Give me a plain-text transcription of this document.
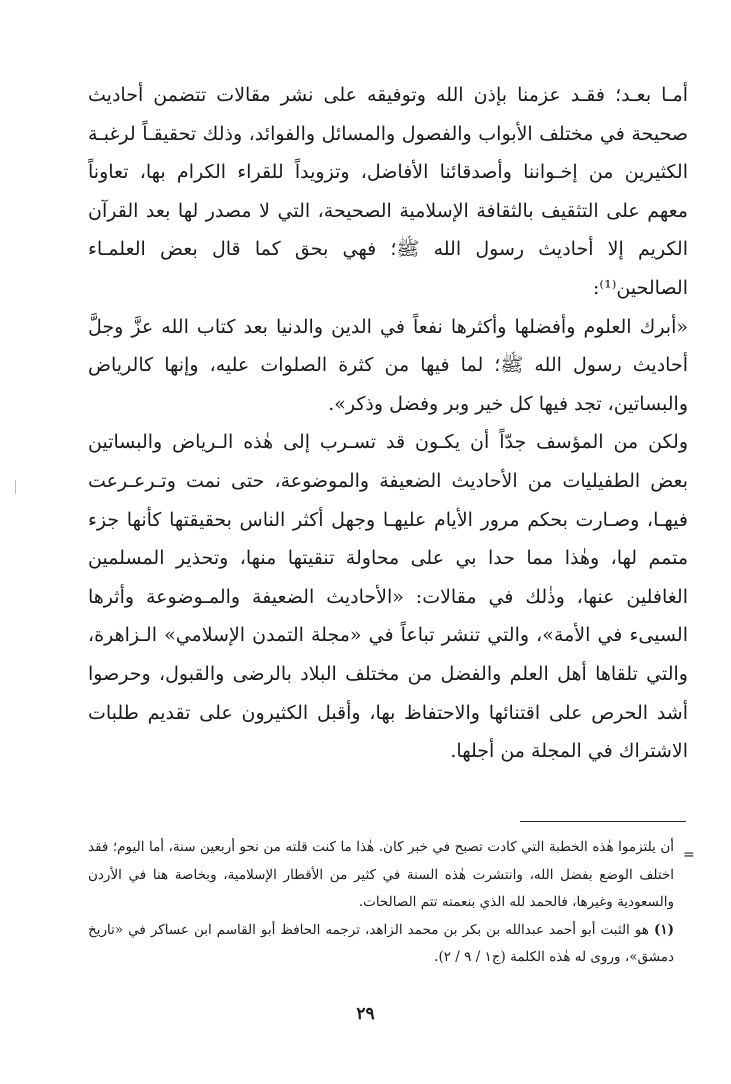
أمـا بعـد؛ فقـد عزمنا بإذن الله وتوفيقه على نشر مقالات تتضمن أحاديث صحيحة في مختلف الأبواب والفصول والمسائل والفوائد، وذلك تحقيقـاً لرغبـة الكثيرين من إخـواننا وأصدقائنا الأفاضل، وتزويداً للقراء الكرام بها، تعاوناً معهم على التثقيف بالثقافة الإسلامية الصحيحة، التي لا مصدر لها بعد القرآن الكريم إلا أحاديث رسول الله ﷺ؛ فهي بحق كما قال بعض العلمـاء الصالحين⁽¹⁾:

«أبرك العلوم وأفضلها وأكثرها نفعاً في الدين والدنيا بعد كتاب الله عزَّ وجلَّ أحاديث رسول الله ﷺ؛ لما فيها من كثرة الصلوات عليه، وإنها كالرياض والبساتين، تجد فيها كل خير وبر وفضل وذكر».

ولكن من المؤسف جدّاً أن يكـون قد تسـرب إلى هٰذه الـرياض والبساتين بعض الطفيليات من الأحاديث الضعيفة والموضوعة، حتى نمت وتـرعـرعت فيهـا، وصـارت بحكم مرور الأيام عليهـا وجهل أكثر الناس بحقيقتها كأنها جزء متمم لها، وهٰذا مما حدا بي على محاولة تنقيتها منها، وتحذير المسلمين الغافلين عنها، وذٰلك في مقالات: «الأحاديث الضعيفة والمـوضوعة وأثرها السيىء في الأمة»، والتي تنشر تباعاً في «مجلة التمدن الإسلامي» الـزاهرة، والتي تلقاها أهل العلم والفضل من مختلف البلاد بالرضى والقبول، وحرصوا أشد الحرص على اقتنائها والاحتفاظ بها، وأقبل الكثيرون على تقديم طلبات الاشتراك في المجلة من أجلها.

=

أن يلتزموا هٰذه الخطبة التي كادت تصبح في خبر كان. هٰذا ما كنت قلته من نحو أربعين سنة، أما اليوم؛ فقد اختلف الوضع بفضل الله، وانتشرت هٰذه السنة في كثير من الأقطار الإسلامية، وبخاصة هنا في الأردن والسعودية وغيرها، فالحمد لله الذي بنعمته تتم الصالحات.

(١) هو الثبت أبو أحمد عبدالله بن بكر بن محمد الزاهد، ترجمه الحافظ أبو القاسم ابن عساكر في «تاريخ دمشق»، وروى له هٰذه الكلمة (ج١ / ٩ / ٢).

٢٩
